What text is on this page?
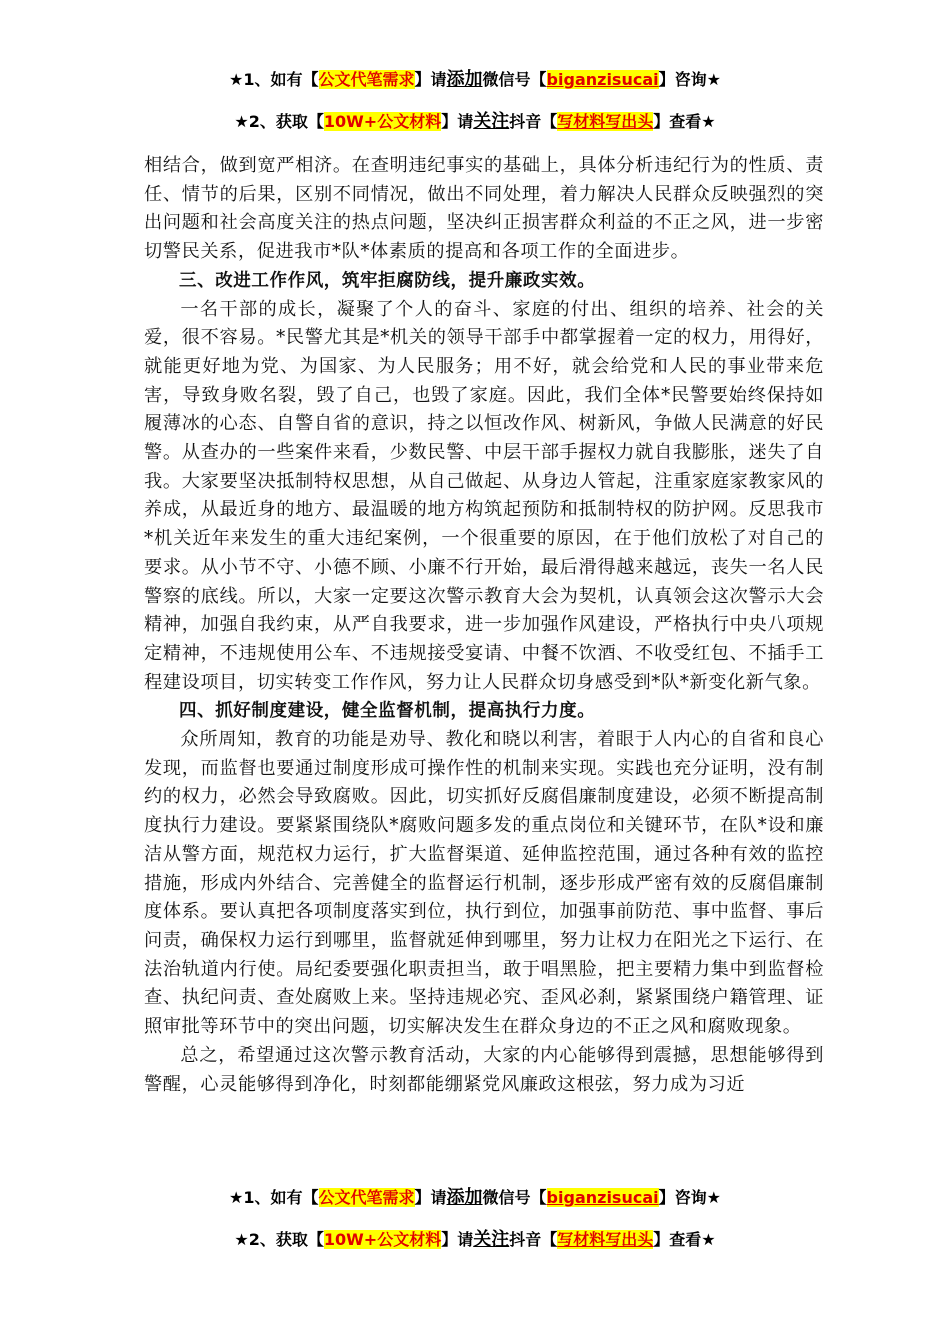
★1、如有【公文代笔需求】请添加微信号【biganzisucai】咨询★
★2、获取【10W+公文材料】请关注抖音【写材料写出头】查看★

相结合，做到宽严相济。在查明违纪事实的基础上，具体分析违纪行为的性质、责任、情节的后果，区别不同情况，做出不同处理，着力解决人民群众反映强烈的突出问题和社会高度关注的热点问题，坚决纠正损害群众利益的不正之风，进一步密切警民关系，促进我市*队*体素质的提高和各项工作的全面进步。

三、改进工作作风，筑牢拒腐防线，提升廉政实效。

一名干部的成长，凝聚了个人的奋斗、家庭的付出、组织的培养、社会的关爱，很不容易。*民警尤其是*机关的领导干部手中都掌握着一定的权力，用得好，就能更好地为党、为国家、为人民服务；用不好，就会给党和人民的事业带来危害，导致身败名裂，毁了自己，也毁了家庭。因此，我们全体*民警要始终保持如履薄冰的心态、自警自省的意识，持之以恒改作风、树新风，争做人民满意的好民警。从查办的一些案件来看，少数民警、中层干部手握权力就自我膨胀，迷失了自我。大家要坚决抵制特权思想，从自己做起、从身边人管起，注重家庭家教家风的养成，从最近身的地方、最温暖的地方构筑起预防和抵制特权的防护网。反思我市*机关近年来发生的重大违纪案例，一个很重要的原因，在于他们放松了对自己的要求。从小节不守、小德不顾、小廉不行开始，最后滑得越来越远，丧失一名人民警察的底线。所以，大家一定要这次警示教育大会为契机，认真领会这次警示大会精神，加强自我约束，从严自我要求，进一步加强作风建设，严格执行中央八项规定精神，不违规使用公车、不违规接受宴请、中餐不饮酒、不收受红包、不插手工程建设项目，切实转变工作作风，努力让人民群众切身感受到*队*新变化新气象。

四、抓好制度建设，健全监督机制，提高执行力度。

众所周知，教育的功能是劝导、教化和晓以利害，着眼于人内心的自省和良心发现，而监督也要通过制度形成可操作性的机制来实现。实践也充分证明，没有制约的权力，必然会导致腐败。因此，切实抓好反腐倡廉制度建设，必须不断提高制度执行力建设。要紧紧围绕队*腐败问题多发的重点岗位和关键环节，在队*设和廉洁从警方面，规范权力运行，扩大监督渠道、延伸监控范围，通过各种有效的监控措施，形成内外结合、完善健全的监督运行机制，逐步形成严密有效的反腐倡廉制度体系。要认真把各项制度落实到位，执行到位，加强事前防范、事中监督、事后问责，确保权力运行到哪里，监督就延伸到哪里，努力让权力在阳光之下运行、在法治轨道内行使。局纪委要强化职责担当，敢于唱黑脸，把主要精力集中到监督检查、执纪问责、查处腐败上来。坚持违规必究、歪风必刹，紧紧围绕户籍管理、证照审批等环节中的突出问题，切实解决发生在群众身边的不正之风和腐败现象。

总之，希望通过这次警示教育活动，大家的内心能够得到震撼，思想能够得到警醒，心灵能够得到净化，时刻都能绷紧党风廉政这根弦，努力成为习近

★1、如有【公文代笔需求】请添加微信号【biganzisucai】咨询★
★2、获取【10W+公文材料】请关注抖音【写材料写出头】查看★
